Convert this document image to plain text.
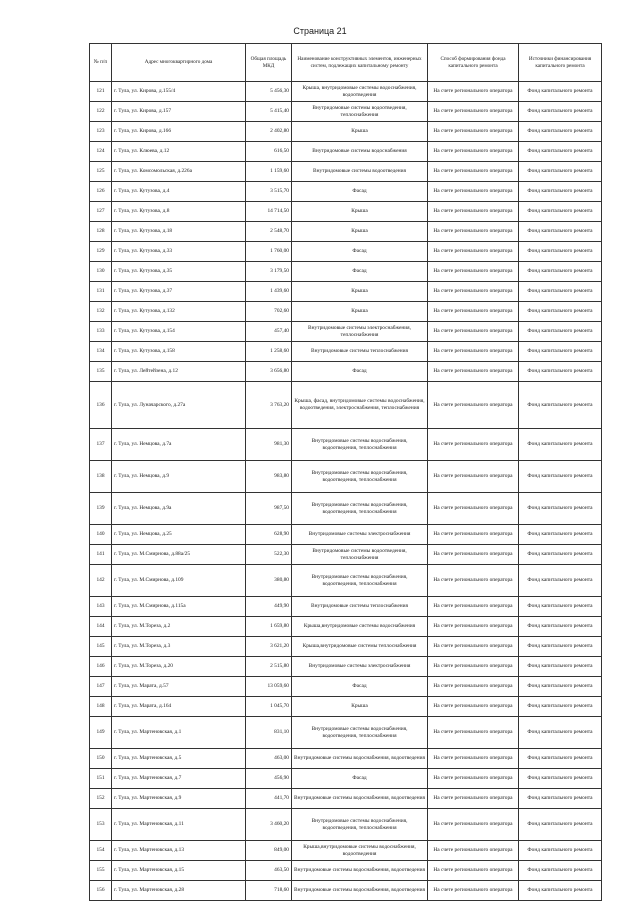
Страница 21
№ п/п	Адрес многоквартирного дома	Общая площадь МКД	Наименование конструктивных элементов, инженерных систем, подлежащих капитальному ремонту	Способ формирования фонда капитального ремонта	Источники финансирования капитального ремонта
121	г. Тула, ул. Кирова, д.155/4	5 456,30	Крыша, внутридомовые системы водоснабжения, водоотведения	На счете регионального оператора	Фонд капитального ремонта
122	г. Тула, ул. Кирова, д.157	5 415,40	Внутридомовые системы водоотведения, теплоснабжения	На счете регионального оператора	Фонд капитального ремонта
123	г. Тула, ул. Кирова, д.166	2 402,80	Крыша	На счете регионального оператора	Фонд капитального ремонта
124	г. Тула, ул. Клюева, д.12	616,50	Внутридомовые системы водоснабжения	На счете регионального оператора	Фонд капитального ремонта
125	г. Тула, ул. Комсомольская, д.226а	1 159,60	Внутридомовые системы водоотведения	На счете регионального оператора	Фонд капитального ремонта
126	г. Тула, ул. Кутузова, д.4	3 515,70	Фасад	На счете регионального оператора	Фонд капитального ремонта
127	г. Тула, ул. Кутузова, д.8	14 714,50	Крыша	На счете регионального оператора	Фонд капитального ремонта
128	г. Тула, ул. Кутузова, д.18	2 548,70	Крыша	На счете регионального оператора	Фонд капитального ремонта
129	г. Тула, ул. Кутузова, д.33	1 760,00	Фасад	На счете регионального оператора	Фонд капитального ремонта
130	г. Тула, ул. Кутузова, д.35	3 179,50	Фасад	На счете регионального оператора	Фонд капитального ремонта
131	г. Тула, ул. Кутузова, д.37	1 439,60	Крыша	На счете регионального оператора	Фонд капитального ремонта
132	г. Тула, ул. Кутузова, д.132	702,60	Крыша	На счете регионального оператора	Фонд капитального ремонта
133	г. Тула, ул. Кутузова, д.154	457,40	Внутридомовые системы электроснабжения, теплоснабжения	На счете регионального оператора	Фонд капитального ремонта
134	г. Тула, ул. Кутузова, д.158	1 258,60	Внутридомовые системы теплоснабжения	На счете регионального оператора	Фонд капитального ремонта
135	г. Тула, ул. Лейтейзена, д.12	3 656,80	Фасад	На счете регионального оператора	Фонд капитального ремонта
136	г. Тула, ул. Луначарского, д.27а	3 763,20	Крыша, фасад, внутридомовые системы водоснабжения, водоотведения, электроснабжения, теплоснабжения	На счете регионального оператора	Фонд капитального ремонта
137	г. Тула, ул. Немцова, д.7а	981,30	Внутридомовые системы водоснабжения, водоотведения, теплоснабжения	На счете регионального оператора	Фонд капитального ремонта
138	г. Тула, ул. Немцова, д.9	983,80	Внутридомовые системы водоснабжения, водоотведения, теплоснабжения	На счете регионального оператора	Фонд капитального ремонта
139	г. Тула, ул. Немцова, д.9а	987,50	Внутридомовые системы водоснабжения, водоотведения, теплоснабжения	На счете регионального оператора	Фонд капитального ремонта
140	г. Тула, ул. Немцова, д.25	628,90	Внутридомовые системы электроснабжения	На счете регионального оператора	Фонд капитального ремонта
141	г. Тула, ул. М.Смирнова, д.88а/25	522,30	Внутридомовые системы водоотведения, теплоснабжения	На счете регионального оператора	Фонд капитального ремонта
142	г. Тула, ул. М.Смирнова, д.109	380,80	Внутридомовые системы водоснабжения, водоотведения, теплоснабжения	На счете регионального оператора	Фонд капитального ремонта
143	г. Тула, ул. М.Смирнова, д.115а	449,90	Внутридомовые системы теплоснабжения	На счете регионального оператора	Фонд капитального ремонта
144	г. Тула, ул. М.Тореза, д.2	1 659,80	Крыша,внутридомовые системы водоснабжения	На счете регионального оператора	Фонд капитального ремонта
145	г. Тула, ул. М.Тореза, д.3	3 621,20	Крыша,внутридомовые системы теплоснабжения	На счете регионального оператора	Фонд капитального ремонта
146	г. Тула, ул. М.Тореза, д.20	2 515,80	Внутридомовые системы электроснабжения	На счете регионального оператора	Фонд капитального ремонта
147	г. Тула, ул. Марата, д.57	13 059,60	Фасад	На счете регионального оператора	Фонд капитального ремонта
148	г. Тула, ул. Марата, д.164	1 045,70	Крыша	На счете регионального оператора	Фонд капитального ремонта
149	г. Тула, ул. Мартеновская, д.1	831,10	Внутридомовые системы водоснабжения, водоотведения, теплоснабжения	На счете регионального оператора	Фонд капитального ремонта
150	г. Тула, ул. Мартеновская, д.5	463,00	Внутридомовые системы водоснабжения, водоотведения	На счете регионального оператора	Фонд капитального ремонта
151	г. Тула, ул. Мартеновская, д.7	456,90	Фасад	На счете регионального оператора	Фонд капитального ремонта
152	г. Тула, ул. Мартеновская, д.9	441,70	Внутридомовые системы водоснабжения, водоотведения	На счете регионального оператора	Фонд капитального ремонта
153	г. Тула, ул. Мартеновская, д.11	3 460,20	Внутридомовые системы водоснабжения, водоотведения, теплоснабжения	На счете регионального оператора	Фонд капитального ремонта
154	г. Тула, ул. Мартеновская, д.13	849,00	Крыша,внутридомовые системы водоснабжения, водоотведения	На счете регионального оператора	Фонд капитального ремонта
155	г. Тула, ул. Мартеновская, д.15	463,50	Внутридомовые системы водоснабжения, водоотведения	На счете регионального оператора	Фонд капитального ремонта
156	г. Тула, ул. Мартеновская, д.28	718,60	Внутридомовые системы водоснабжения, водоотведения	На счете регионального оператора	Фонд капитального ремонта
